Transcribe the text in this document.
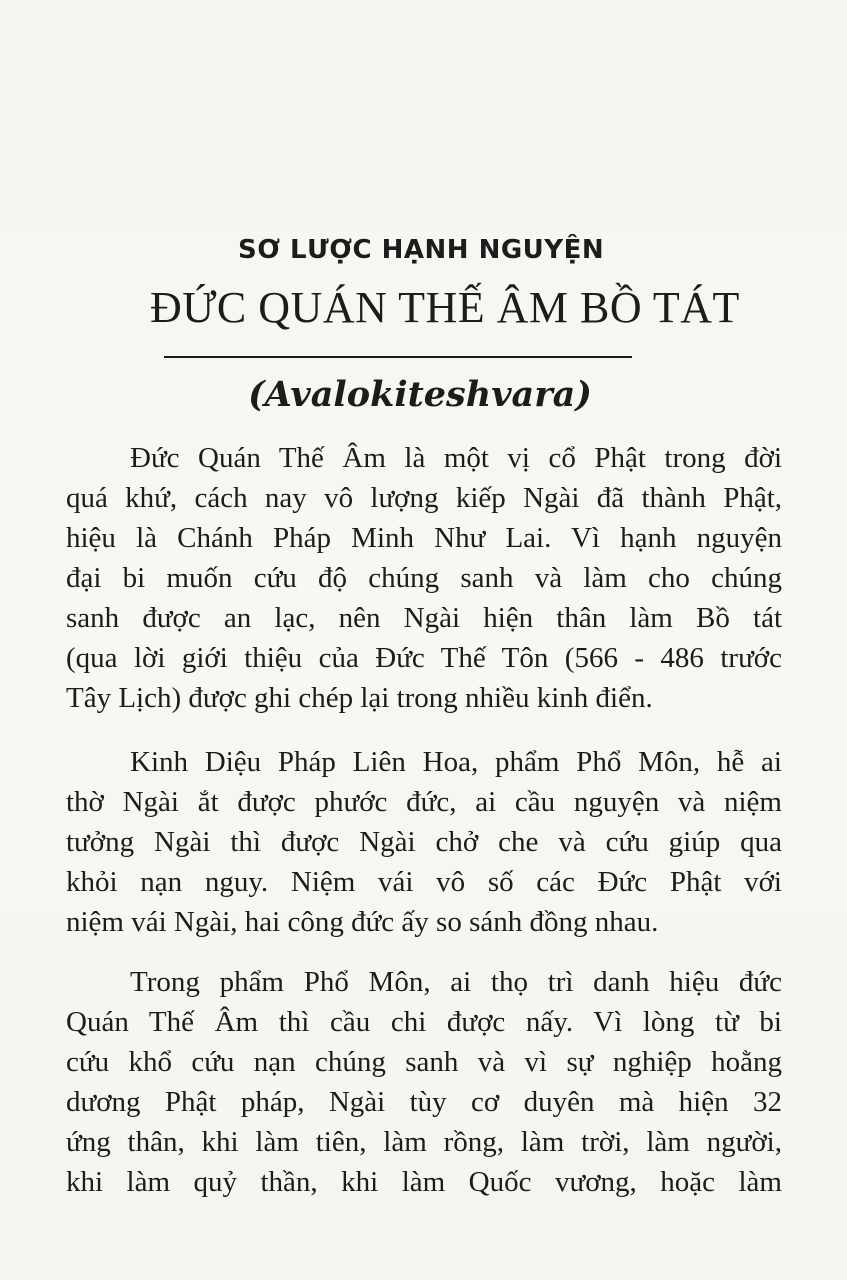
SƠ LƯỢC HẠNH NGUYỆN
ĐỨC QUÁN THẾ ÂM BỒ TÁT
(Avalokiteshvara)
Đức Quán Thế Âm là một vị cổ Phật trong đời
quá khứ, cách nay vô lượng kiếp Ngài đã thành Phật,
hiệu là Chánh Pháp Minh Như Lai. Vì hạnh nguyện
đại bi muốn cứu độ chúng sanh và làm cho chúng
sanh được an lạc, nên Ngài hiện thân làm Bồ tát
(qua lời giới thiệu của Đức Thế Tôn (566 - 486 trước
Tây Lịch) được ghi chép lại trong nhiều kinh điển.
Kinh Diệu Pháp Liên Hoa, phẩm Phổ Môn, hễ ai
thờ Ngài ắt được phước đức, ai cầu nguyện và niệm
tưởng Ngài thì được Ngài chở che và cứu giúp qua
khỏi nạn nguy. Niệm vái vô số các Đức Phật với
niệm vái Ngài, hai công đức ấy so sánh đồng nhau.
Trong phẩm Phổ Môn, ai thọ trì danh hiệu đức
Quán Thế Âm thì cầu chi được nấy. Vì lòng từ bi
cứu khổ cứu nạn chúng sanh và vì sự nghiệp hoằng
dương Phật pháp, Ngài tùy cơ duyên mà hiện 32
ứng thân, khi làm tiên, làm rồng, làm trời, làm người,
khi làm quỷ thần, khi làm Quốc vương, hoặc làm
